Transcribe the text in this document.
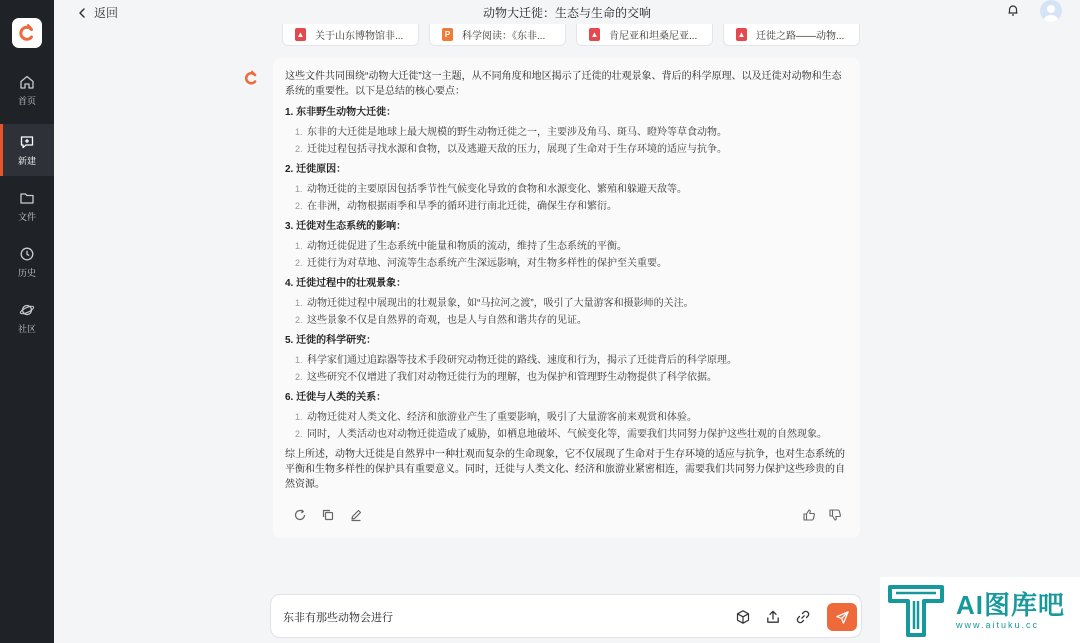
首页
新建
文件
历史
社区
返回	动物大迁徙：生态与生命的交响
▲ 关于山东博物馆非...	P 科学阅读：《东非...	▲ 肯尼亚和坦桑尼亚...	▲ 迁徙之路——动物...

这些文件共同围绕“动物大迁徙”这一主题，从不同角度和地区揭示了迁徙的壮观景象、背后的科学原理、以及迁徙对动物和生态系统的重要性。以下是总结的核心要点：

1. 东非野生动物大迁徙：
1. 东非的大迁徙是地球上最大规模的野生动物迁徙之一，主要涉及角马、斑马、瞪羚等草食动物。
2. 迁徙过程包括寻找水源和食物，以及逃避天敌的压力，展现了生命对于生存环境的适应与抗争。
2. 迁徙原因：
1. 动物迁徙的主要原因包括季节性气候变化导致的食物和水源变化、繁殖和躲避天敌等。
2. 在非洲，动物根据雨季和旱季的循环进行南北迁徙，确保生存和繁衍。
3. 迁徙对生态系统的影响：
1. 动物迁徙促进了生态系统中能量和物质的流动，维持了生态系统的平衡。
2. 迁徙行为对草地、河流等生态系统产生深远影响，对生物多样性的保护至关重要。
4. 迁徙过程中的壮观景象：
1. 动物迁徙过程中展现出的壮观景象，如“马拉河之渡”，吸引了大量游客和摄影师的关注。
2. 这些景象不仅是自然界的奇观，也是人与自然和谐共存的见证。
5. 迁徙的科学研究：
1. 科学家们通过追踪器等技术手段研究动物迁徙的路线、速度和行为，揭示了迁徙背后的科学原理。
2. 这些研究不仅增进了我们对动物迁徙行为的理解，也为保护和管理野生动物提供了科学依据。
6. 迁徙与人类的关系：
1. 动物迁徙对人类文化、经济和旅游业产生了重要影响，吸引了大量游客前来观赏和体验。
2. 同时，人类活动也对动物迁徙造成了威胁，如栖息地破坏、气候变化等，需要我们共同努力保护这些壮观的自然现象。

综上所述，动物大迁徙是自然界中一种壮观而复杂的生命现象，它不仅展现了生命对于生存环境的适应与抗争，也对生态系统的平衡和生物多样性的保护具有重要意义。同时，迁徙与人类文化、经济和旅游业紧密相连，需要我们共同努力保护这些珍贵的自然资源。

东非有那些动物会进行
AI图库吧
www.aituku.cc
